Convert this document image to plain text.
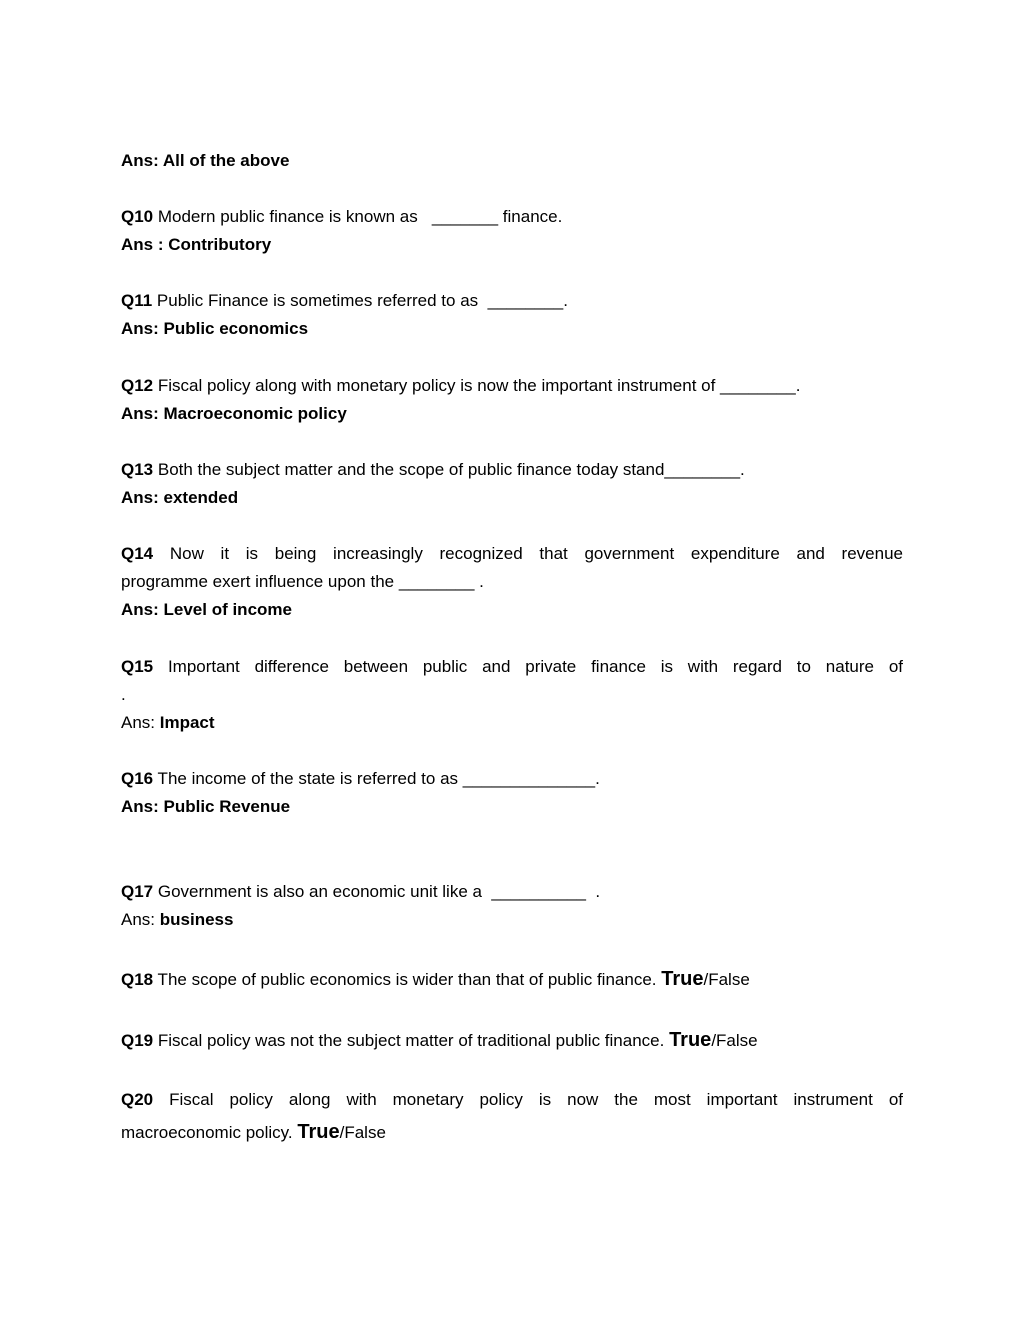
Ans: All of the above

Q10 Modern public finance is known as   _______ finance.
Ans : Contributory
Q11 Public Finance is sometimes referred to as  ________.
Ans: Public economics
Q12 Fiscal policy along with monetary policy is now the important instrument of ________.
Ans: Macroeconomic policy
Q13 Both the subject matter and the scope of public finance today stand________.
Ans: extended
Q14 Now it is being increasingly recognized that government expenditure and revenue
programme exert influence upon the ________ .
Ans: Level of income
Q15 Important difference between public and private finance is with regard to nature of
.
Ans: Impact
Q16 The income of the state is referred to as ______________.
Ans: Public Revenue
Q17 Government is also an economic unit like a  __________  .
Ans: business
Q18 The scope of public economics is wider than that of public finance. True/False
Q19 Fiscal policy was not the subject matter of traditional public finance. True/False
Q20 Fiscal policy along with monetary policy is now the most important instrument of
macroeconomic policy. True/False
